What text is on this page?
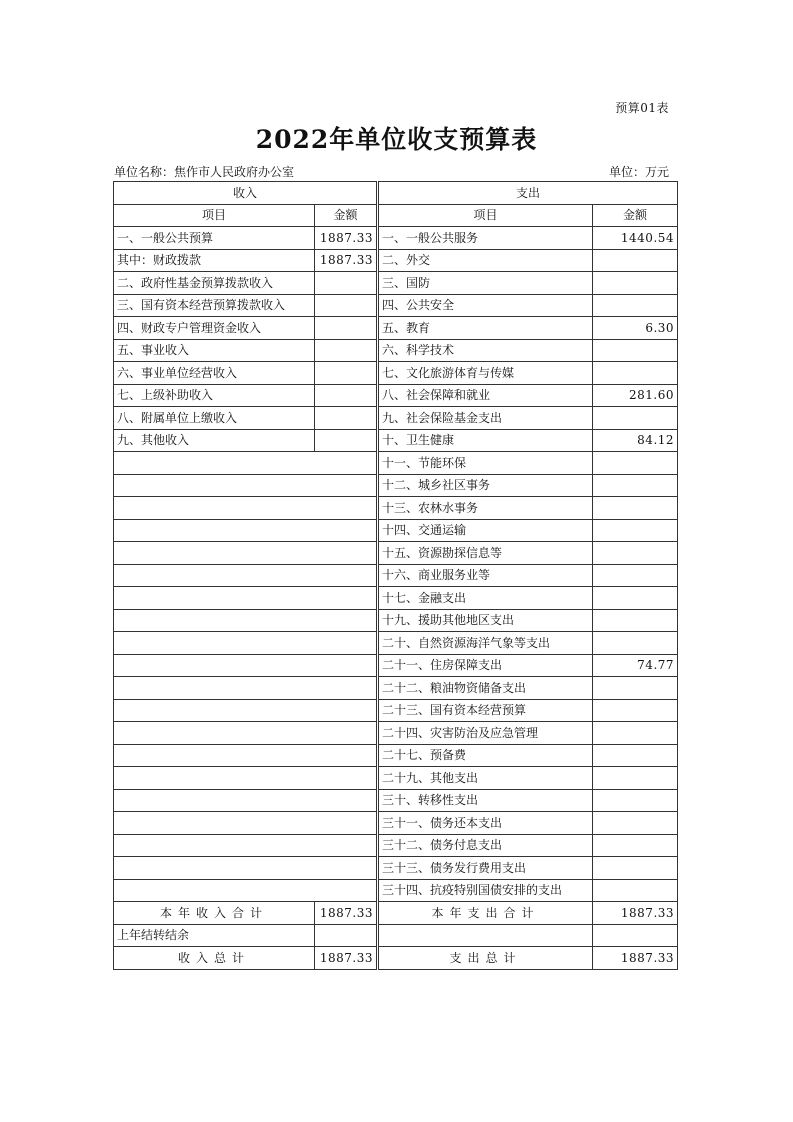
预算01表
2022年单位收支预算表
单位名称：焦作市人民政府办公室	单位：万元
收入		支出	
项目	金额	项目	金额
一、一般公共预算	1887.33	一、一般公共服务	1440.54
其中：财政拨款	1887.33	二、外交	
二、政府性基金预算拨款收入		三、国防	
三、国有资本经营预算拨款收入		四、公共安全	
四、财政专户管理资金收入		五、教育	6.30
五、事业收入		六、科学技术	
六、事业单位经营收入		七、文化旅游体育与传媒	
七、上级补助收入		八、社会保障和就业	281.60
八、附属单位上缴收入		九、社会保险基金支出	
九、其他收入		十、卫生健康	84.12
		十一、节能环保	
		十二、城乡社区事务	
		十三、农林水事务	
		十四、交通运输	
		十五、资源勘探信息等	
		十六、商业服务业等	
		十七、金融支出	
		十九、援助其他地区支出	
		二十、自然资源海洋气象等支出	
		二十一、住房保障支出	74.77
		二十二、粮油物资储备支出	
		二十三、国有资本经营预算	
		二十四、灾害防治及应急管理	
		二十七、预备费	
		二十九、其他支出	
		三十、转移性支出	
		三十一、债务还本支出	
		三十二、债务付息支出	
		三十三、债务发行费用支出	
		三十四、抗疫特别国债安排的支出	
本年收入合计	1887.33	本年支出合计	1887.33
上年结转结余			
收入总计	1887.33	支出总计	1887.33
